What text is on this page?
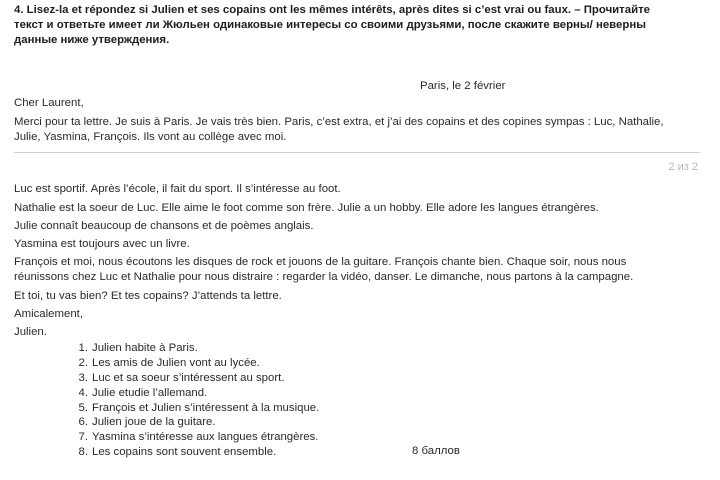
4. Lisez-la et répondez si Julien et ses copains ont les mêmes intérêts, après dites si c’est vrai ou faux. – Прочитайте
текст и ответьте имеет ли Жюльен одинаковые интересы со своими друзьями, после скажите верны/ неверны
данные ниже утверждения.
Paris, le 2 février
Cher Laurent,
Merci pour ta lettre. Je suis à Paris. Je vais très bien. Paris, c’est extra, et j’ai des copains et des copines sympas : Luc, Nathalie,
Julie, Yasmina, François. Ils vont au collège avec moi.
2 из 2
Luc est sportif. Après l’école, il fait du sport. Il s’intéresse au foot.
Nathalie est la soeur de Luc. Elle aime le foot comme son frère. Julie a un hobby. Elle adore les langues étrangères.
Julie connaît beaucoup de chansons et de poèmes anglais.
Yasmina est toujours avec un livre.
François et moi, nous écoutons les disques de rock et jouons de la guitare. François chante bien. Chaque soir, nous nous
réunissons chez Luc et Nathalie pour nous distraire : regarder la vidéo, danser. Le dimanche, nous partons à la campagne.
Et toi, tu vas bien? Et tes copains? J’attends ta lettre.
Amicalement,
Julien.
1. Julien habite à Paris.
2. Les amis de Julien vont au lycée.
3. Luc et sa soeur s’intéressent au sport.
4. Julie etudie l’allemand.
5. François et Julien s’intéressent à la musique.
6. Julien joue de la guitare.
7. Yasmina s’intéresse aux langues étrangères.
8. Les copains sont souvent ensemble.	8 баллов
